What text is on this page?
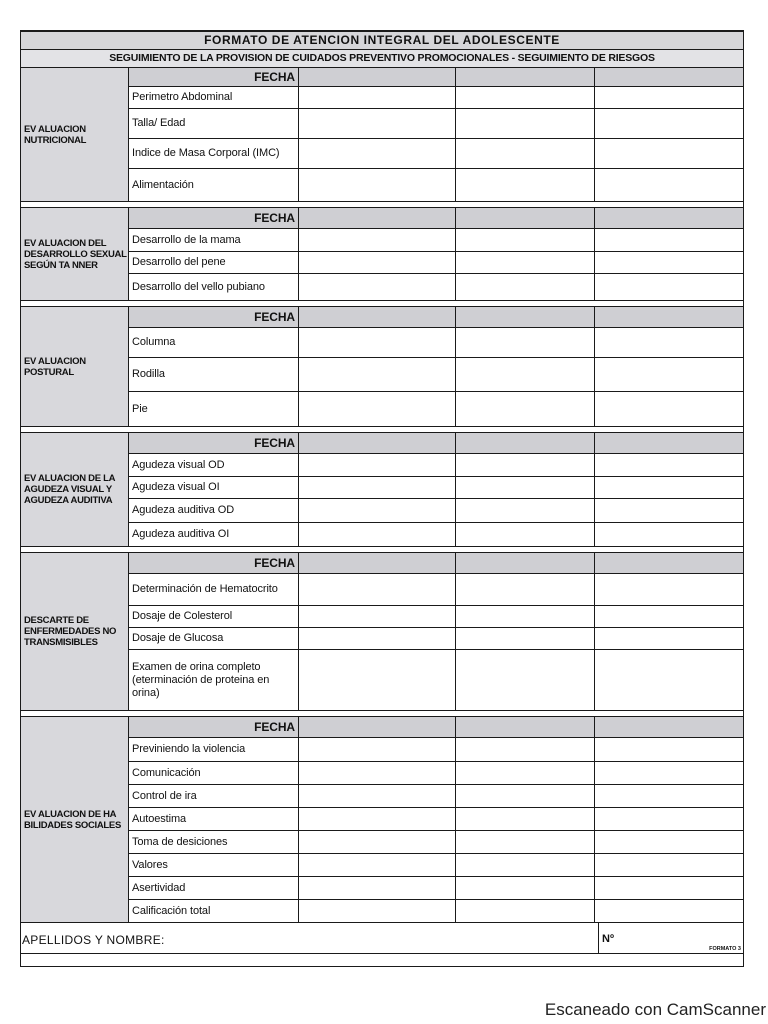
FORMATO DE ATENCION INTEGRAL DEL ADOLESCENTE
SEGUIMIENTO DE LA PROVISION DE CUIDADOS PREVENTIVO PROMOCIONALES - SEGUIMIENTO DE RIESGOS
EV ALUACION NUTRICIONAL
FECHA
Perimetro Abdominal
Talla/ Edad
Indice de Masa Corporal (IMC)
Alimentación
EV ALUACION DEL DESARROLLO SEXUAL SEGÚN TA NNER
FECHA
Desarrollo de la mama
Desarrollo del pene
Desarrollo del vello pubiano
EV ALUACION POSTURAL
FECHA
Columna
Rodilla
Pie
EV ALUACION DE LA AGUDEZA VISUAL Y AGUDEZA AUDITIVA
FECHA
Agudeza visual OD
Agudeza visual OI
Agudeza auditiva OD
Agudeza auditiva OI
DESCARTE DE ENFERMEDADES NO TRANSMISIBLES
FECHA
Determinación de Hematocrito
Dosaje de Colesterol
Dosaje de Glucosa
Examen de orina completo (eterminación de proteina en orina)
EV ALUACION DE HA BILIDADES SOCIALES
FECHA
Previniendo la violencia
Comunicación
Control de ira
Autoestima
Toma de desiciones
Valores
Asertividad
Calificación total
APELLIDOS Y NOMBRE:	Nº
FORMATO 3
Escaneado con CamScanner
